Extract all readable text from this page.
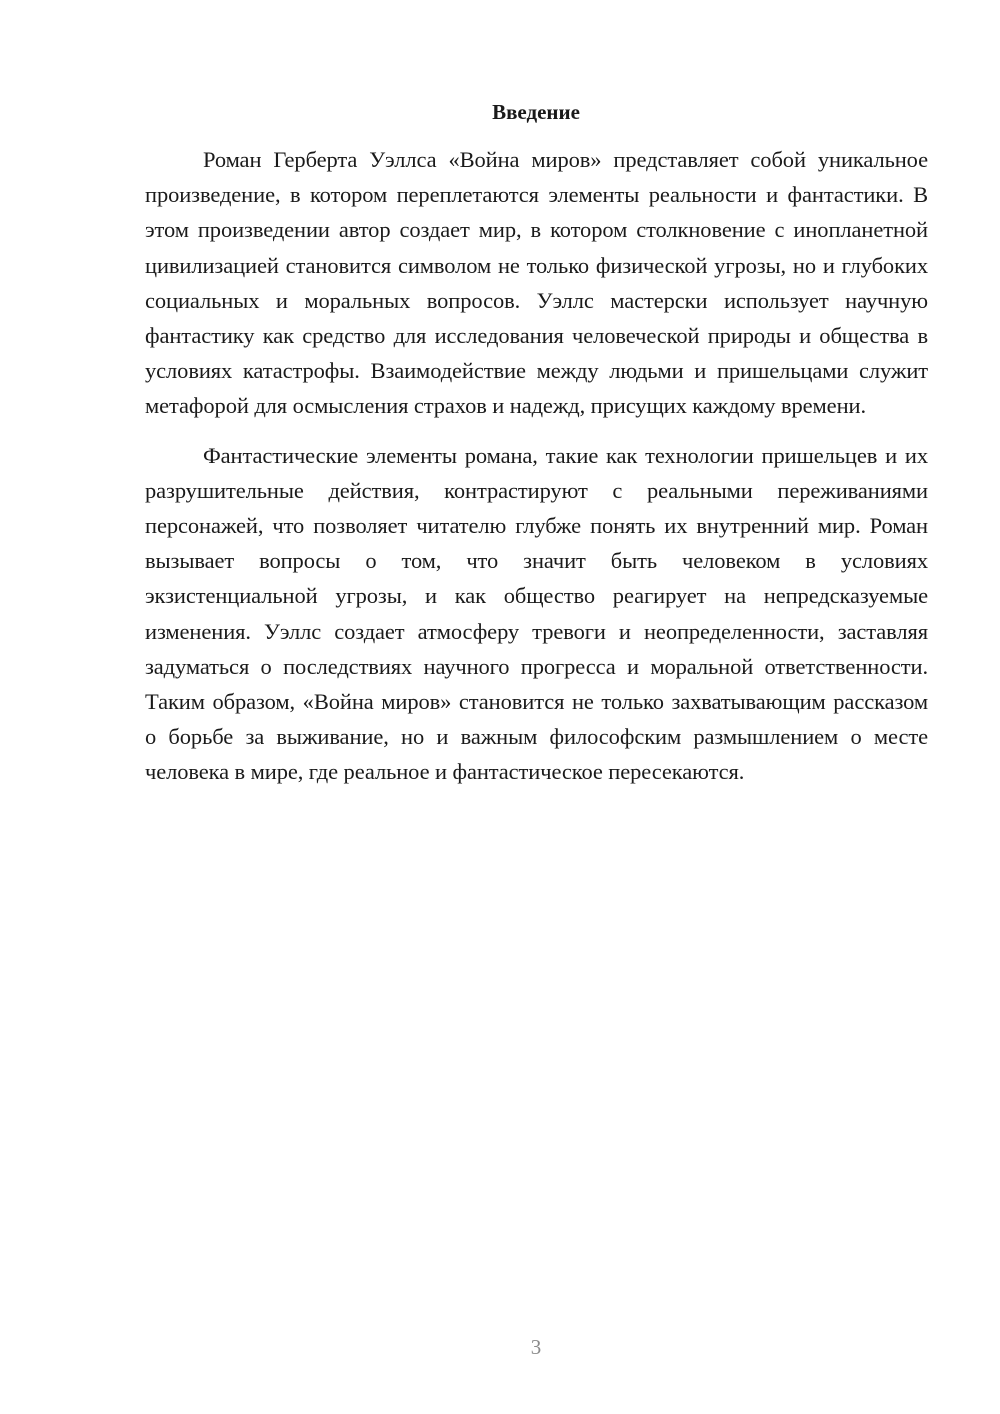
Введение

Роман Герберта Уэллса «Война миров» представляет собой уникальное произведение, в котором переплетаются элементы реальности и фантастики. В этом произведении автор создает мир, в котором столкновение с инопланетной цивилизацией становится символом не только физической угрозы, но и глубоких социальных и моральных вопросов. Уэллс мастерски использует научную фантастику как средство для исследования человеческой природы и общества в условиях катастрофы. Взаимодействие между людьми и пришельцами служит метафорой для осмысления страхов и надежд, присущих каждому времени.

Фантастические элементы романа, такие как технологии пришельцев и их разрушительные действия, контрастируют с реальными переживаниями персонажей, что позволяет читателю глубже понять их внутренний мир. Роман вызывает вопросы о том, что значит быть человеком в условиях экзистенциальной угрозы, и как общество реагирует на непредсказуемые изменения. Уэллс создает атмосферу тревоги и неопределенности, заставляя задуматься о последствиях научного прогресса и моральной ответственности. Таким образом, «Война миров» становится не только захватывающим рассказом о борьбе за выживание, но и важным философским размышлением о месте человека в мире, где реальное и фантастическое пересекаются.

3
